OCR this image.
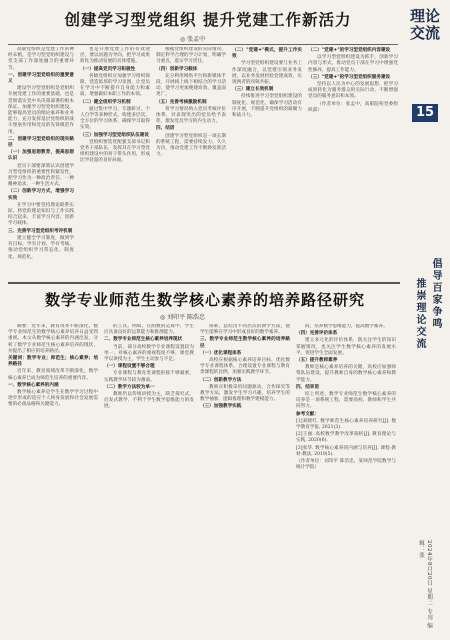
创建学习型党组织 提升党建工作新活力
◎ 张孟中

高职党组织是党建工作的神经末梢，是学习型党组织建设与党支部工作深度融合的重要环节。

一、创建学习型党组织的重要意义

建设学习型党组织是党组织开展党建工作的重要基础，也是贯彻落实党中央决策部署的根本保证。加强学习型党组织建设，能够提高党员的理论素养和业务能力，充分发挥基层党组织的战斗堡垒作用和党员的先锋模范作用。

二、创建学习型党组织的现实路径

（一）加强思想教育，提高思想认识

党员干部要深刻认识创建学习型党组织的重要性和紧迫性，把学习作为一种政治责任、一种精神追求、一种生活方式。

（二）创新学习方式，增强学习实效

在学习中要坚持理论联系实际，将党的理论知识与工作实践结合起来，丰富学习内容，创新学习载体。

三、完善学习型党组织考评机制

建立健全学习制度，做到学有目标、学有计划、学有考核，推动党组织学习常态化、制度化、规范化。

也是开展党建工作的有效途径，要以问题为导向，把学习成果转化为推动发展的具体措施。

（一）提高党员学习积极性

各级党组织应加强学习组织保障，营造浓厚的学习氛围，让党员在学习中不断提升自身能力和素质，增强做好本职工作的本领。

（二）健全组织学习机制

通过集中学习、专题研讨、个人自学等多种形式，构建多层次、全方位的学习体系，确保学习取得实效。

（三）加强学习型党组织队伍建设

党组织要选优配强支部书记和党务干部队伍，发挥其在学习型党组织建设中的骨干带头作用，形成比学赶超的良好局面。

根据党组织建设的实际情况，制定科学合理的学习计划，明确学习重点，落实学习责任。

（四）创新学习载体

充分利用网络平台和新媒体手段，开展线上线下相结合的学习活动，使学习更加便捷高效，覆盖面更广。

（五）完善考核激励机制

将学习情况纳入党员考核评价体系，对表现突出的党员给予表彰，激发党员学习的内生动力。

四、结语

创建学习型党组织是一项长期的系统工程，需要持续发力、久久为功，推动党建工作不断焕发新活力。

（二）"党建+"模式，提升工作实效

学习型党组织建设要与业务工作深度融合，以党建引领业务发展，以业务发展检验党建成效，实现两者的同频共振。

（三）建立长效机制

持续推进学习型党组织建设的制度化、规范化，确保学习活动有序开展，不断提升党组织的凝聚力和战斗力。

（二）"党建+"的学习型党组织内容建设

以学习型党组织建设为抓手，创新学习内容与形式，推动党员干部在学习中增强党性修养，提高工作能力。

（三）"党建+"的学习型党组织服务建设

坚持以人民为中心的发展思想，把学习成果转化为服务群众的实际行动，不断增强党员的服务意识和本领。

（作者单位：张孟中，高职院校党委组织部）

理论交流
15
倡导百家争鸣
推崇理论交流
2024年8月20日 星期二 专刊 编辑：张
数学专业师范生数学核心素养的培养路径研究
◎ 刘印平 陈浩忠

摘要：近年来，教育改革不断深化，数学专业师范生的数学核心素养培养日益受到重视。本文从数学核心素养的内涵出发，分析了数学专业师范生核心素养培养的现状，并提出了相应的培养路径。

关键词：数学专业；师范生；核心素养；培养路径

近年来，教育领域改革不断深化，数学核心素养已成为师范生培养的重要内容。

一、数学核心素养的内涵

数学核心素养是学生在数学学习过程中逐步形成的适应个人终身发展和社会发展需要的必备品格和关键能力。

的工具。例如，在函数的运算中，学生应具备良好的运算能力和推理能力。

二、数学专业师范生核心素养培养现状

当前，部分高校数学专业课程设置较为单一，对核心素养的重视程度不够，课堂教学以讲授为主，学生主动参与不足。

（一）课程设置不够合理

专业课程与教育类课程衔接不够紧密，实践教学环节较为薄弱。

（二）教学方法较为单一

教师仍以传统讲授为主，缺乏探究式、启发式教学，不利于学生数学思维能力的发展。

探索，总结出不同层次的教学方法，使学生能够在学习中形成良好的数学素养。

三、数学专业师范生数学核心素养的培养路径

（一）优化课程体系

高校应根据核心素养培养目标，优化数学专业课程体系，合理设置专业课程与教育类课程的比例，加强实践教学环节。

（二）创新教学方法

教师应积极采用问题驱动、合作探究等教学方法，激发学生学习兴趣，培养学生的数学抽象、逻辑推理和数学建模能力。

（三）加强教学实践

间，培养数学思维能力，提高数学素养。

（四）完善评价体系

建立多元化的评价体系，既关注学生的知识掌握情况，也关注学生数学核心素养的发展水平，促进学生全面发展。

（五）提升教师素养

教师是核心素养培养的关键，高校应加强师资队伍建设，提升教师自身的数学核心素养和教学能力。

四、结束语

综上所述，数学专业师范生数学核心素养的培养是一项系统工程，需要高校、教师和学生共同努力。

参考文献：

[1]刘晓红. 数学师范生核心素养培养研究[J]. 数学教育学报, 2021(3).

[2]王丽. 高校数学教学改革探析[J]. 教育理论与实践, 2020(6).

[3]张华. 数学核心素养的内涵与培养[J]. 课程·教材·教法, 2019(5).

（作者单位：刘印平 陈浩忠，某师范学院数学与统计学院）
